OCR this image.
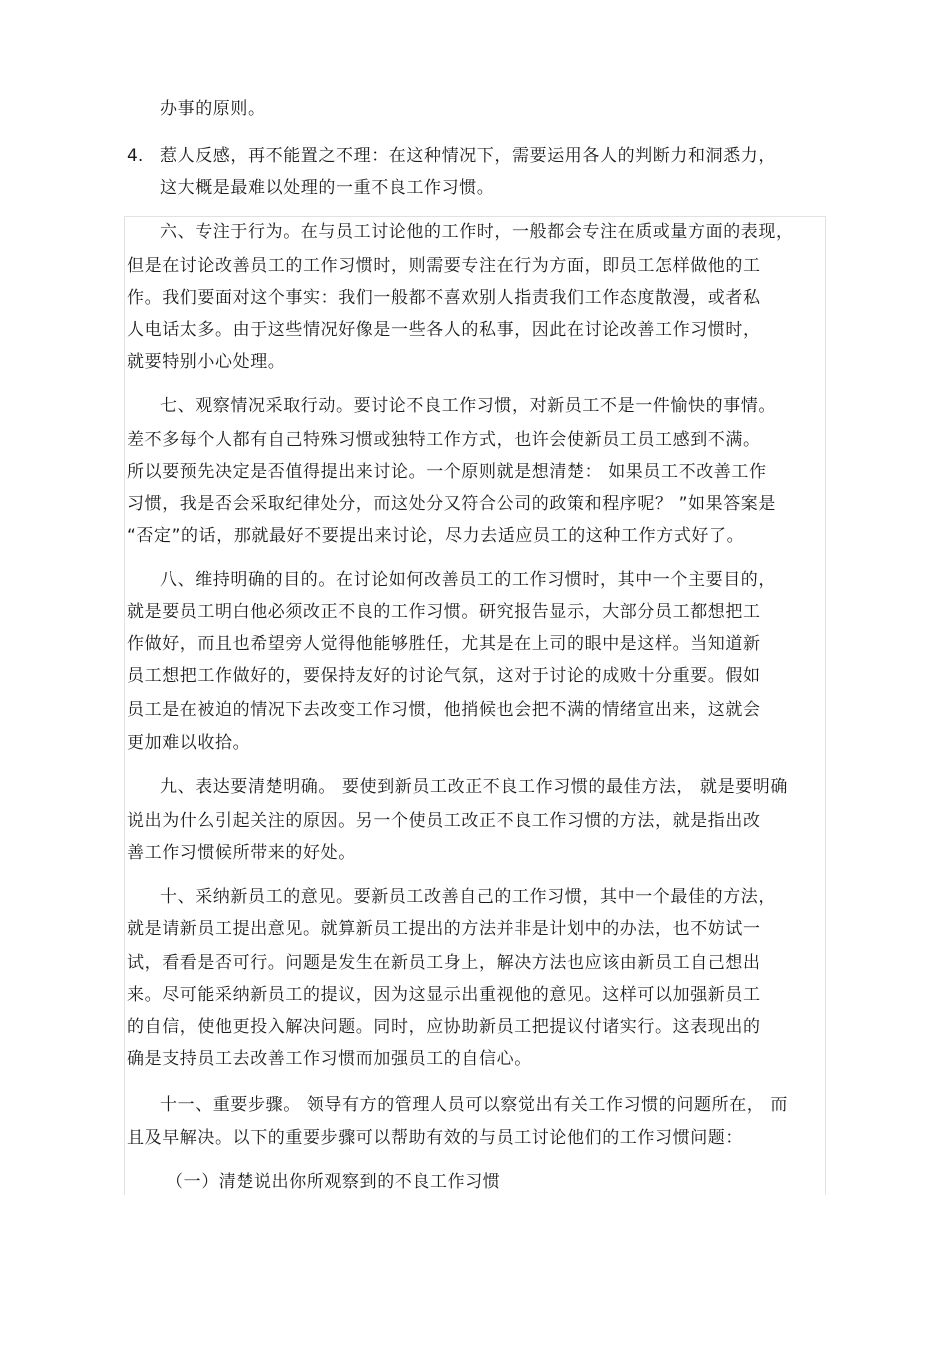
办事的原则。
4. 惹人反感，再不能置之不理：在这种情况下，需要运用各人的判断力和洞悉力，
这大概是最难以处理的一重不良工作习惯。
六、专注于行为。在与员工讨论他的工作时，一般都会专注在质或量方面的表现，
但是在讨论改善员工的工作习惯时，则需要专注在行为方面，即员工怎样做他的工
作。我们要面对这个事实：我们一般都不喜欢别人指责我们工作态度散漫，或者私
人电话太多。由于这些情况好像是一些各人的私事，因此在讨论改善工作习惯时，
就要特别小心处理。
七、观察情况采取行动。要讨论不良工作习惯，对新员工不是一件愉快的事情。
差不多每个人都有自己特殊习惯或独特工作方式，也许会使新员工员工感到不满。
所以要预先决定是否值得提出来讨论。一个原则就是想清楚： 如果员工不改善工作
习惯，我是否会采取纪律处分，而这处分又符合公司的政策和程序呢？ ”如果答案是
“否定”的话，那就最好不要提出来讨论，尽力去适应员工的这种工作方式好了。
八、维持明确的目的。在讨论如何改善员工的工作习惯时，其中一个主要目的，
就是要员工明白他必须改正不良的工作习惯。研究报告显示，大部分员工都想把工
作做好，而且也希望旁人觉得他能够胜任，尤其是在上司的眼中是这样。当知道新
员工想把工作做好的，要保持友好的讨论气氛，这对于讨论的成败十分重要。假如
员工是在被迫的情况下去改变工作习惯，他捎候也会把不满的情绪宣出来，这就会
更加难以收拾。
九、表达要清楚明确。 要使到新员工改正不良工作习惯的最佳方法， 就是要明确
说出为什么引起关注的原因。另一个使员工改正不良工作习惯的方法，就是指出改
善工作习惯候所带来的好处。
十、采纳新员工的意见。要新员工改善自己的工作习惯，其中一个最佳的方法，
就是请新员工提出意见。就算新员工提出的方法并非是计划中的办法，也不妨试一
试，看看是否可行。问题是发生在新员工身上，解决方法也应该由新员工自己想出
来。尽可能采纳新员工的提议，因为这显示出重视他的意见。这样可以加强新员工
的自信，使他更投入解决问题。同时，应协助新员工把提议付诸实行。这表现出的
确是支持员工去改善工作习惯而加强员工的自信心。
十一、重要步骤。 领导有方的管理人员可以察觉出有关工作习惯的问题所在， 而
且及早解决。以下的重要步骤可以帮助有效的与员工讨论他们的工作习惯问题：
（一）清楚说出你所观察到的不良工作习惯
